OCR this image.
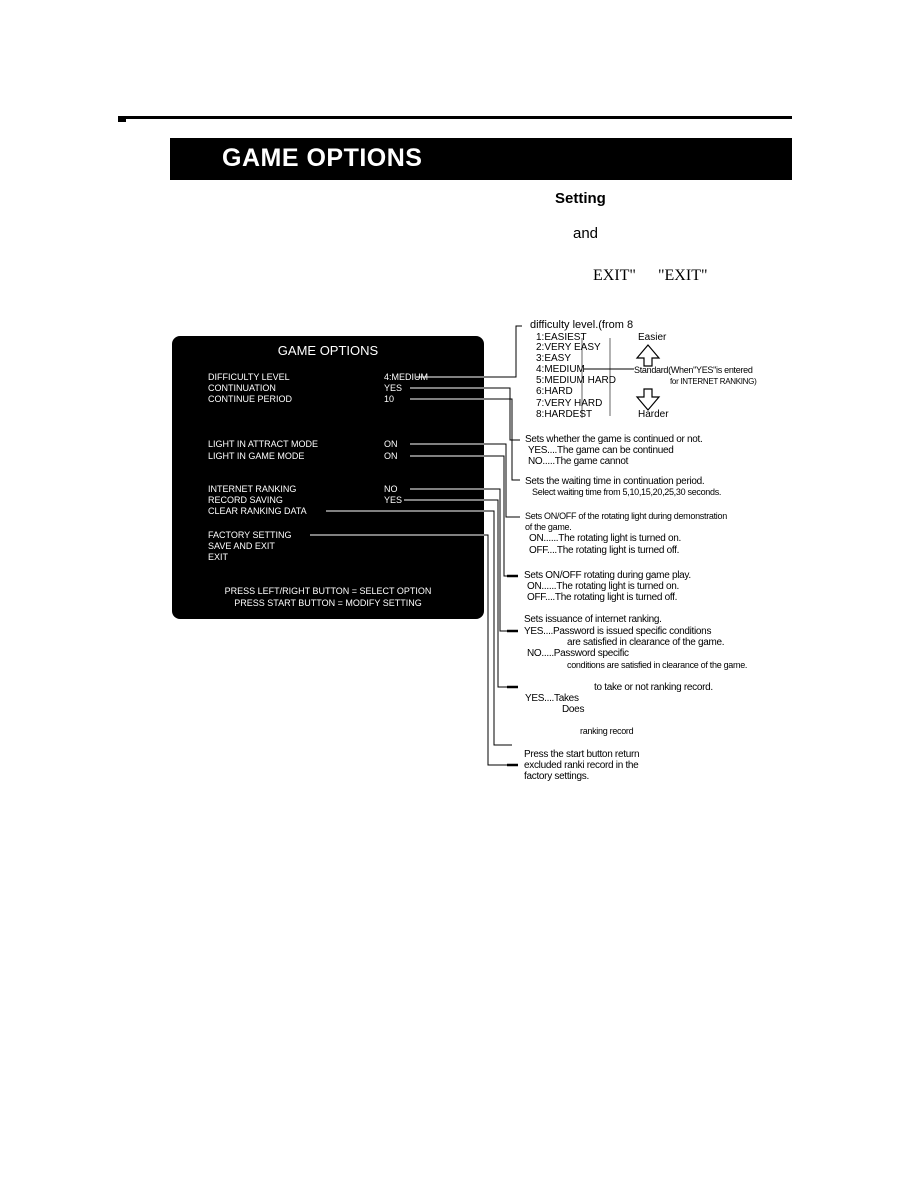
GAME OPTIONS
Setting
and
EXIT" "EXIT"
GAME OPTIONS
DIFFICULTY LEVEL	4:MEDIUM
CONTINUATION	YES
CONTINUE PERIOD	10
LIGHT IN ATTRACT MODE	ON
LIGHT IN GAME MODE	ON
INTERNET RANKING	NO
RECORD SAVING	YES
CLEAR RANKING DATA
FACTORY SETTING
SAVE AND EXIT
EXIT
PRESS LEFT/RIGHT BUTTON = SELECT OPTION
PRESS START BUTTON = MODIFY SETTING
difficulty level.(from 8
1:EASIEST
2:VERY EASY
3:EASY
4:MEDIUM
5:MEDIUM HARD
6:HARD
7:VERY HARD
8:HARDEST
Easier
Harder
Standard(When"YES"is entered
for INTERNET RANKING)
Sets whether the game is continued or not.
YES....The game can be continued
NO.....The game cannot
Sets the waiting time in continuation period.
Select waiting time from 5,10,15,20,25,30 seconds.
Sets ON/OFF of the rotating light during demonstration
of the game.
ON......The rotating light is turned on.
OFF....The rotating light is turned off.
Sets ON/OFF rotating during game play.
ON......The rotating light is turned on.
OFF....The rotating light is turned off.
Sets issuance of internet ranking.
YES....Password is issued specific conditions
are satisfied in clearance of the game.
NO.....Password specific
conditions are satisfied in clearance of the game.
to take or not ranking record.
YES....Takes
Does
ranking record
Press the start button return
excluded ranki record in the
factory settings.
